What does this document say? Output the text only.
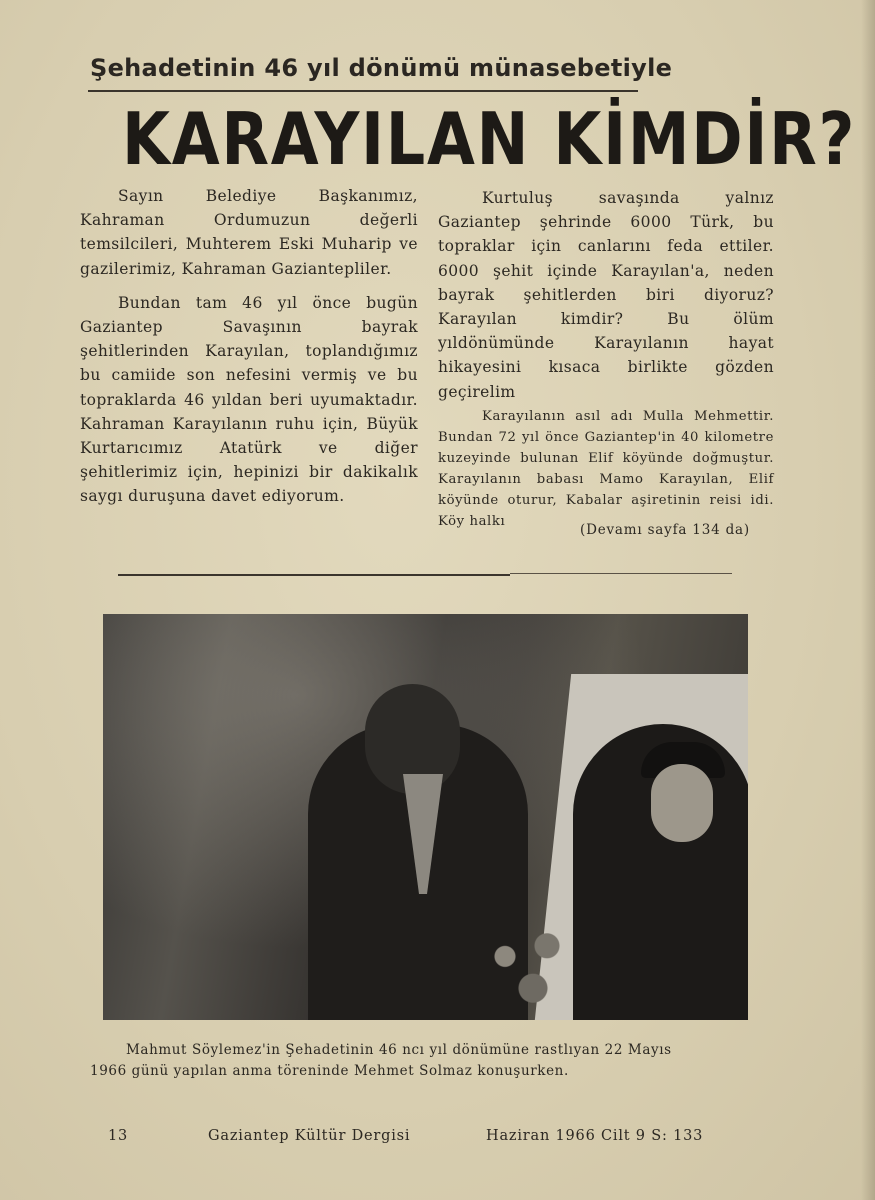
Şehadetinin 46 yıl dönümü münasebetiyle
KARAYILAN KİMDİR?

Sayın Belediye Başkanımız, Kahraman Ordumuzun değerli temsilcileri, Muhterem Eski Muharip ve gazilerimiz, Kahraman Gaziantepliler.

Bundan tam 46 yıl önce bugün Gaziantep Savaşının bayrak şehitlerinden Karayılan, toplandığımız bu camiide son nefesini vermiş ve bu topraklarda 46 yıldan beri uyumaktadır. Kahraman Karayılanın ruhu için, Büyük Kurtarıcımız Atatürk ve diğer şehitlerimiz için, hepinizi bir dakikalık saygı duruşuna davet ediyorum.

Kurtuluş savaşında yalnız Gaziantep şehrinde 6000 Türk, bu topraklar için canlarını feda ettiler. 6000 şehit içinde Karayılan'a, neden bayrak şehitlerden biri diyoruz? Karayılan kimdir? Bu ölüm yıldönümünde Karayılanın hayat hikayesini kısaca birlikte gözden geçirelim

Karayılanın asıl adı Mulla Mehmettir. Bundan 72 yıl önce Gaziantep'in 40 kilometre kuzeyinde bulunan Elif köyünde doğmuştur. Karayılanın babası Mamo Karayılan, Elif köyünde oturur, Kabalar aşiretinin reisi idi. Köy halkı

(Devamı sayfa 134 da)
Mahmut Söylemez'in Şehadetinin 46 ncı yıl dönümüne rastlıyan 22 Mayıs
1966 günü yapılan anma töreninde Mehmet Solmaz konuşurken.
13	Gaziantep Kültür Dergisi	Haziran 1966 Cilt 9 S: 133
